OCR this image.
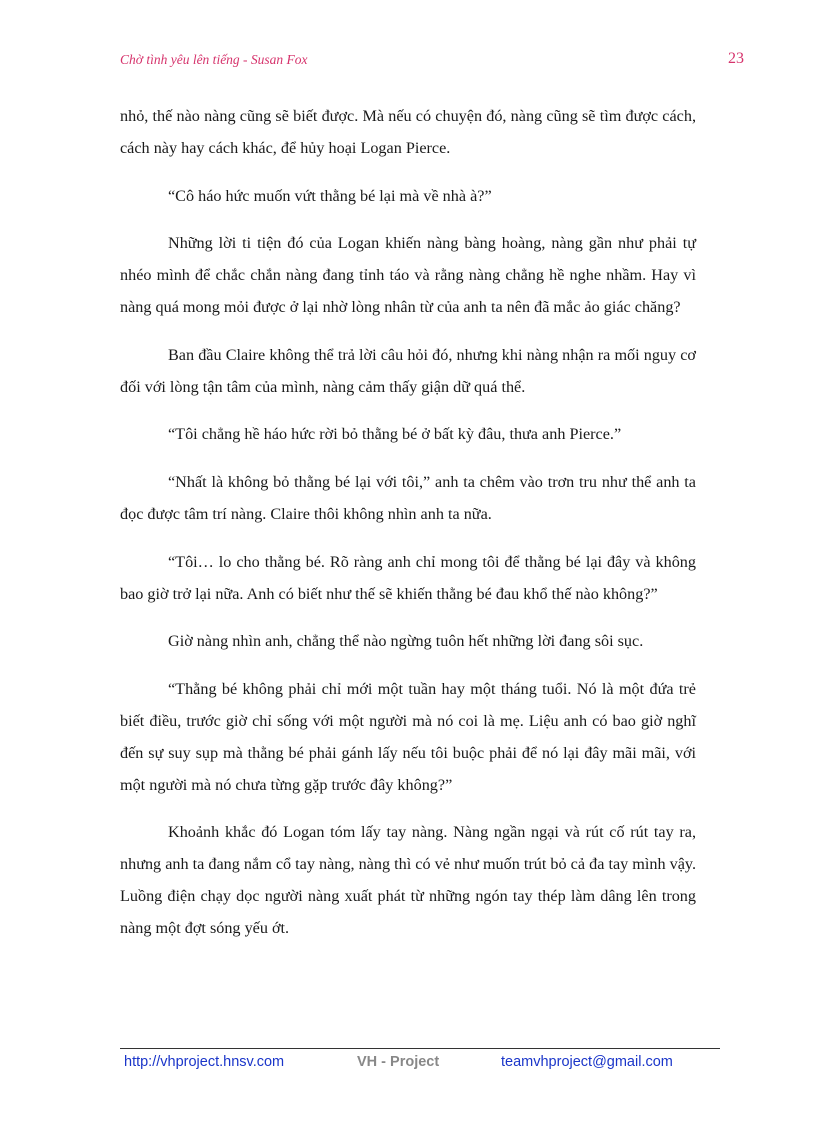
Chờ tình yêu lên tiếng - Susan Fox	23

nhỏ, thế nào nàng cũng sẽ biết được. Mà nếu có chuyện đó, nàng cũng sẽ tìm được cách, cách này hay cách khác, để hủy hoại Logan Pierce.

“Cô háo hức muốn vứt thằng bé lại mà về nhà à?”

Những lời ti tiện đó của Logan khiến nàng bàng hoàng, nàng gần như phải tự nhéo mình để chắc chắn nàng đang tỉnh táo và rằng nàng chẳng hề nghe nhầm. Hay vì nàng quá mong mỏi được ở lại nhờ lòng nhân từ của anh ta nên đã mắc ảo giác chăng?

Ban đầu Claire không thể trả lời câu hỏi đó, nhưng khi nàng nhận ra mối nguy cơ đối với lòng tận tâm của mình, nàng cảm thấy giận dữ quá thể.

“Tôi chẳng hề háo hức rời bỏ thằng bé ở bất kỳ đâu, thưa anh Pierce.”

“Nhất là không bỏ thằng bé lại với tôi,” anh ta chêm vào trơn tru như thể anh ta đọc được tâm trí nàng. Claire thôi không nhìn anh ta nữa.

“Tôi… lo cho thằng bé. Rõ ràng anh chỉ mong tôi để thằng bé lại đây và không bao giờ trở lại nữa. Anh có biết như thế sẽ khiến thằng bé đau khổ thế nào không?”

Giờ nàng nhìn anh, chẳng thể nào ngừng tuôn hết những lời đang sôi sục.

“Thằng bé không phải chỉ mới một tuần hay một tháng tuổi. Nó là một đứa trẻ biết điều, trước giờ chỉ sống với một người mà nó coi là mẹ. Liệu anh có bao giờ nghĩ đến sự suy sụp mà thằng bé phải gánh lấy nếu tôi buộc phải để nó lại đây mãi mãi, với một người mà nó chưa từng gặp trước đây không?”

Khoảnh khắc đó Logan tóm lấy tay nàng. Nàng ngần ngại và rút cố rút tay ra, nhưng anh ta đang nắm cổ tay nàng, nàng thì có vẻ như muốn trút bỏ cả đa tay mình vậy. Luồng điện chạy dọc người nàng xuất phát từ những ngón tay thép làm dâng lên trong nàng một đợt sóng yếu ớt.

http://vhproject.hnsv.com	VH - Project	teamvhproject@gmail.com
